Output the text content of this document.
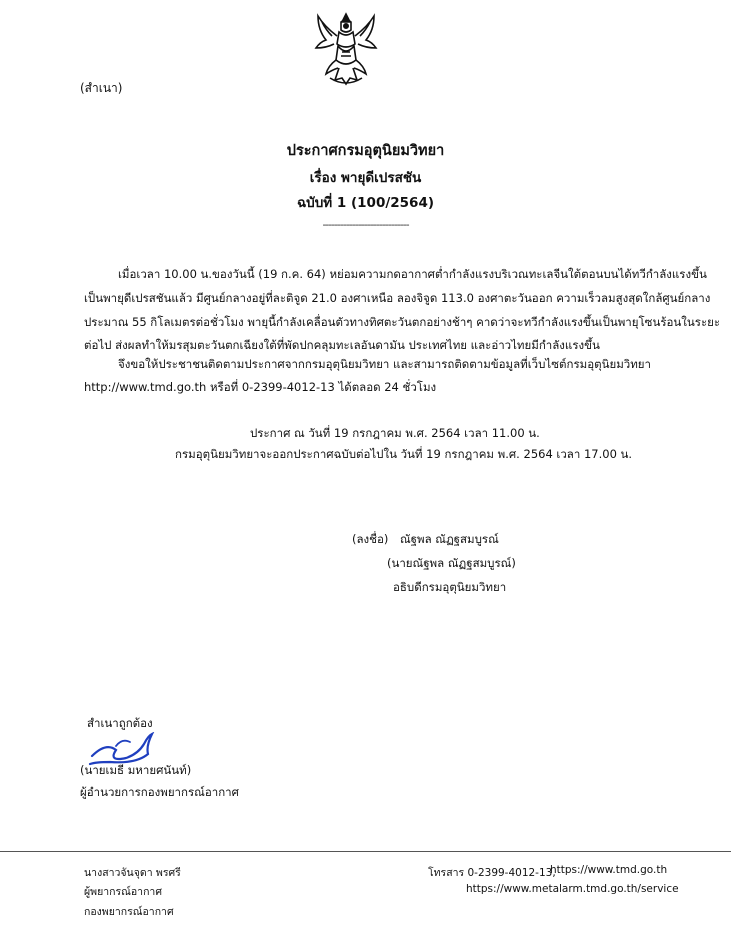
(สำเนา)
ประกาศกรมอุตุนิยมวิทยา
เรื่อง พายุดีเปรสชัน
ฉบับที่ 1 (100/2564)
-----------------------------
เมื่อเวลา 10.00 น.ของวันนี้ (19 ก.ค. 64) หย่อมความกดอากาศต่ำกำลังแรงบริเวณทะเลจีนใต้ตอนบนได้ทวีกำลังแรงขึ้น
เป็นพายุดีเปรสชันแล้ว มีศูนย์กลางอยู่ที่ละติจูด 21.0 องศาเหนือ ลองจิจูด 113.0 องศาตะวันออก ความเร็วลมสูงสุดใกล้ศูนย์กลาง
ประมาณ 55 กิโลเมตรต่อชั่วโมง พายุนี้กำลังเคลื่อนตัวทางทิศตะวันตกอย่างช้าๆ คาดว่าจะทวีกำลังแรงขึ้นเป็นพายุโซนร้อนในระยะ
ต่อไป ส่งผลทำให้มรสุมตะวันตกเฉียงใต้ที่พัดปกคลุมทะเลอันดามัน ประเทศไทย และอ่าวไทยมีกำลังแรงขึ้น
จึงขอให้ประชาชนติดตามประกาศจากกรมอุตุนิยมวิทยา และสามารถติดตามข้อมูลที่เว็บไซต์กรมอุตุนิยมวิทยา
http://www.tmd.go.th หรือที่ 0-2399-4012-13 ได้ตลอด 24 ชั่วโมง
ประกาศ ณ วันที่ 19 กรกฎาคม พ.ศ. 2564 เวลา 11.00 น.
กรมอุตุนิยมวิทยาจะออกประกาศฉบับต่อไปใน วันที่ 19 กรกฎาคม พ.ศ. 2564 เวลา 17.00 น.
(ลงชื่อ) ณัฐพล ณัฏฐสมบูรณ์
(นายณัฐพล ณัฏฐสมบูรณ์)
อธิบดีกรมอุตุนิยมวิทยา
สำเนาถูกต้อง
(นายเมธี มหายศนันท์)
ผู้อำนวยการกองพยากรณ์อากาศ
นางสาวจันจุดา พรศรี
ผู้พยากรณ์อากาศ
กองพยากรณ์อากาศ
โทรสาร 0-2399-4012-13,
https://www.tmd.go.th
https://www.metalarm.tmd.go.th/service
